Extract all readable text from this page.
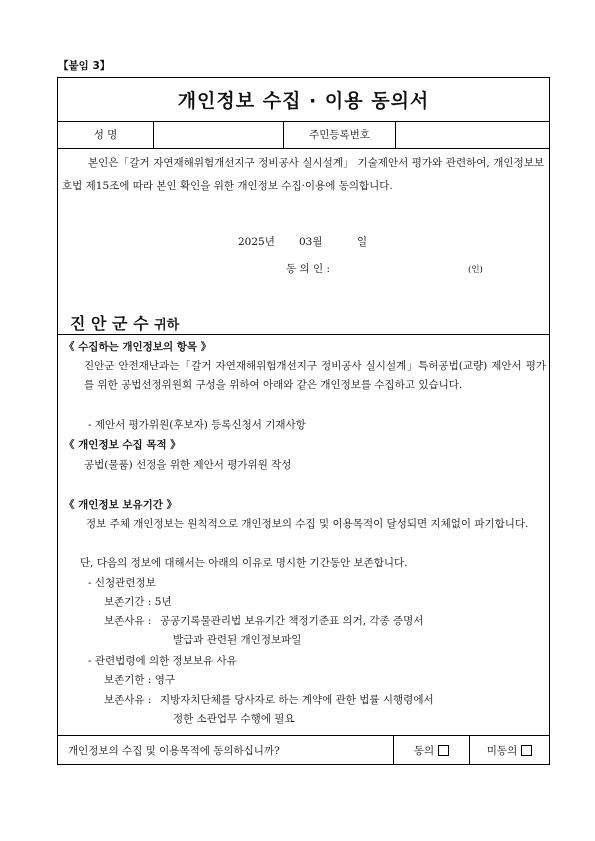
【붙임 3】
개인정보 수집 · 이용 동의서
성 명	주민등록번호
본인은「갈거 자연재해위험개선지구 정비공사 실시설계」 기술제안서 평가와 관련하여, 개인정보보호법 제15조에 따라 본인 확인을 위한 개인정보 수집·이용에 동의합니다.
2025년 03월	일
동 의 인 :	(인)
진 안 군 수 귀하
《 수집하는 개인정보의 항목 》
진안군 안전재난과는「갈거 자연재해위험개선지구 정비공사 실시설계」특허공법(교량) 제안서 평가를 위한 공법선정위원회 구성을 위하여 아래와 같은 개인정보를 수집하고 있습니다.
- 제안서 평가위원(후보자) 등록신청서 기재사항
《 개인정보 수집 목적 》
공법(물품) 선정을 위한 제안서 평가위원 작성
《 개인정보 보유기간 》
정보 주체 개인정보는 원칙적으로 개인정보의 수집 및 이용목적이 달성되면 지체없이 파기합니다.
단, 다음의 정보에 대해서는 아래의 이유로 명시한 기간동안 보존합니다.
- 신청관련정보
보존기간 : 5년
보존사유 : 공공기록물관리법 보유기간 책정기준표 의거, 각종 증명서
발급과 관련된 개인정보파일
- 관련법령에 의한 정보보유 사유
보존기한 : 영구
보존사유 : 지방자치단체를 당사자로 하는 계약에 관한 법률 시행령에서
정한 소관업무 수행에 필요
개인정보의 수집 및 이용목적에 동의하십니까?	동의	미동의
